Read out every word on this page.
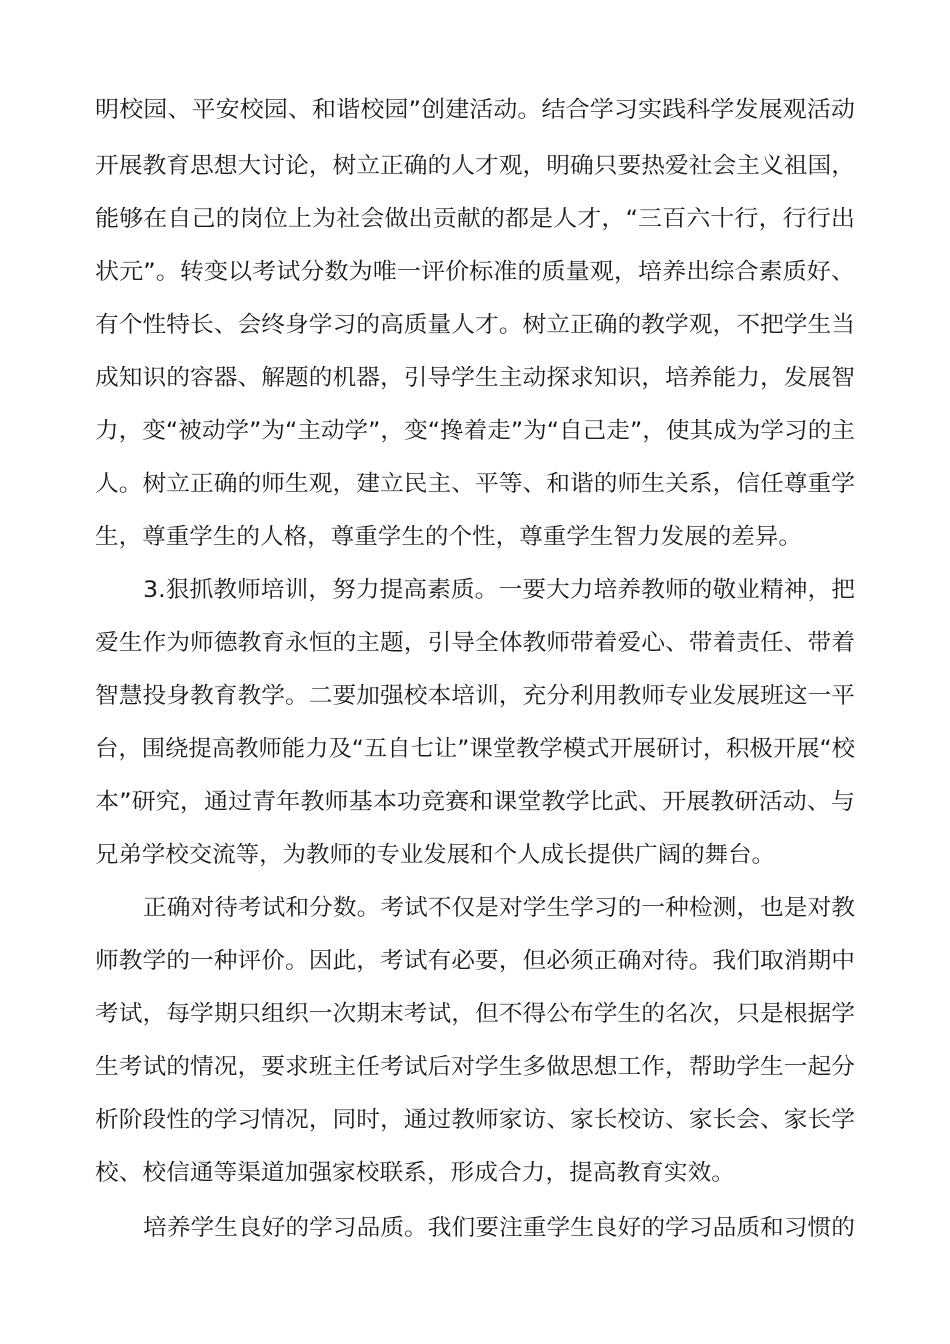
明校园、平安校园、和谐校园”创建活动。结合学习实践科学发展观活动
开展教育思想大讨论，树立正确的人才观，明确只要热爱社会主义祖国，
能够在自己的岗位上为社会做出贡献的都是人才，“三百六十行，行行出
状元”。转变以考试分数为唯一评价标准的质量观，培养出综合素质好、
有个性特长、会终身学习的高质量人才。树立正确的教学观，不把学生当
成知识的容器、解题的机器，引导学生主动探求知识，培养能力，发展智
力，变“被动学”为“主动学”，变“搀着走”为“自己走”，使其成为学习的主
人。树立正确的师生观，建立民主、平等、和谐的师生关系，信任尊重学
生，尊重学生的人格，尊重学生的个性，尊重学生智力发展的差异。
3.狠抓教师培训，努力提高素质。一要大力培养教师的敬业精神，把
爱生作为师德教育永恒的主题，引导全体教师带着爱心、带着责任、带着
智慧投身教育教学。二要加强校本培训，充分利用教师专业发展班这一平
台，围绕提高教师能力及“五自七让”课堂教学模式开展研讨，积极开展“校
本”研究，通过青年教师基本功竞赛和课堂教学比武、开展教研活动、与
兄弟学校交流等，为教师的专业发展和个人成长提供广阔的舞台。
正确对待考试和分数。考试不仅是对学生学习的一种检测，也是对教
师教学的一种评价。因此，考试有必要，但必须正确对待。我们取消期中
考试，每学期只组织一次期末考试，但不得公布学生的名次，只是根据学
生考试的情况，要求班主任考试后对学生多做思想工作，帮助学生一起分
析阶段性的学习情况，同时，通过教师家访、家长校访、家长会、家长学
校、校信通等渠道加强家校联系，形成合力，提高教育实效。
培养学生良好的学习品质。我们要注重学生良好的学习品质和习惯的
